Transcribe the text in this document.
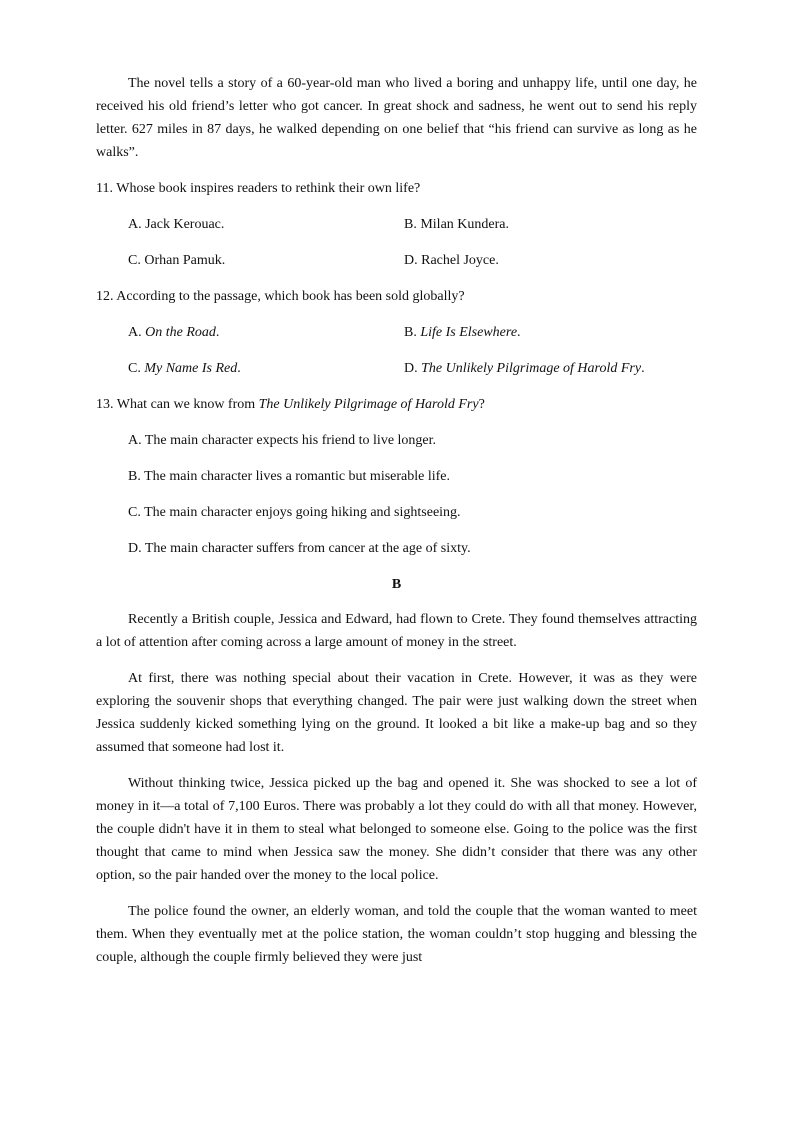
The novel tells a story of a 60-year-old man who lived a boring and unhappy life, until one day, he received his old friend’s letter who got cancer. In great shock and sadness, he went out to send his reply letter. 627 miles in 87 days, he walked depending on one belief that “his friend can survive as long as he walks”.

11. Whose book inspires readers to rethink their own life?

A. Jack Kerouac.	B. Milan Kundera.
C. Orhan Pamuk.	D. Rachel Joyce.

12. According to the passage, which book has been sold globally?

A. On the Road.	B. Life Is Elsewhere.
C. My Name Is Red.	D. The Unlikely Pilgrimage of Harold Fry.

13. What can we know from The Unlikely Pilgrimage of Harold Fry?

A. The main character expects his friend to live longer.
B. The main character lives a romantic but miserable life.
C. The main character enjoys going hiking and sightseeing.
D. The main character suffers from cancer at the age of sixty.

B

Recently a British couple, Jessica and Edward, had flown to Crete. They found themselves attracting a lot of attention after coming across a large amount of money in the street.

At first, there was nothing special about their vacation in Crete. However, it was as they were exploring the souvenir shops that everything changed. The pair were just walking down the street when Jessica suddenly kicked something lying on the ground. It looked a bit like a make-up bag and so they assumed that someone had lost it.

Without thinking twice, Jessica picked up the bag and opened it. She was shocked to see a lot of money in it—a total of 7,100 Euros. There was probably a lot they could do with all that money. However, the couple didn't have it in them to steal what belonged to someone else. Going to the police was the first thought that came to mind when Jessica saw the money. She didn’t consider that there was any other option, so the pair handed over the money to the local police.

The police found the owner, an elderly woman, and told the couple that the woman wanted to meet them. When they eventually met at the police station, the woman couldn’t stop hugging and blessing the couple, although the couple firmly believed they were just
